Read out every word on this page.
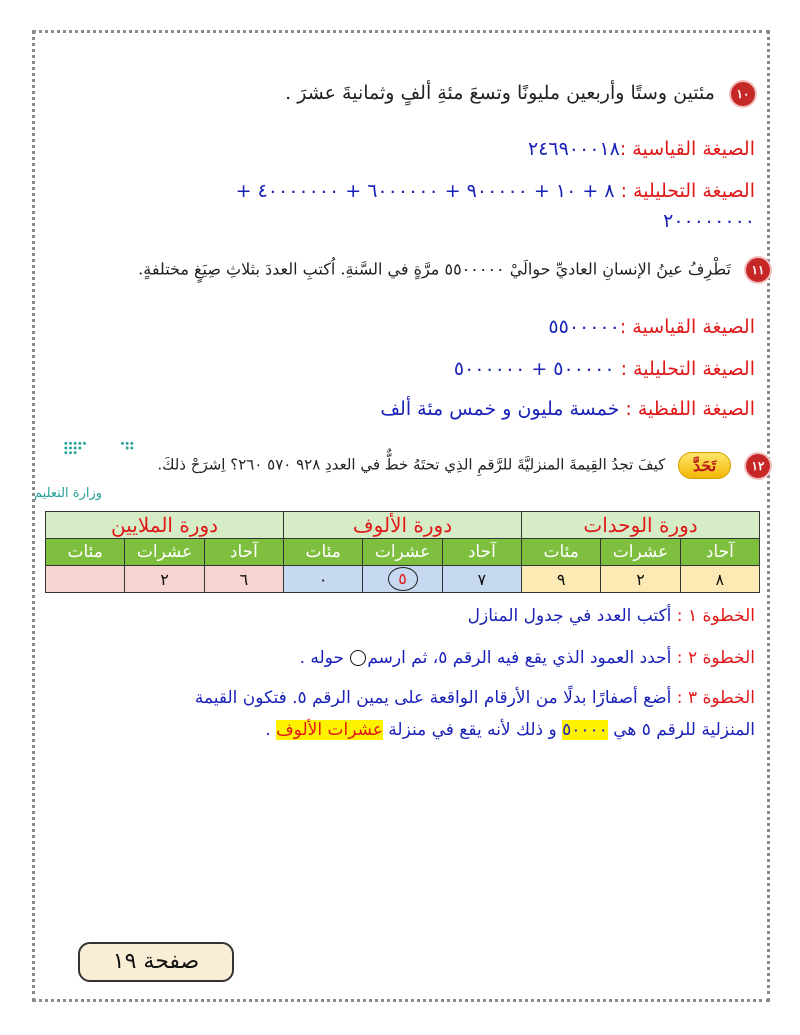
١٠ مئتين وستًا وأربعين مليونًا وتسعَ مئةِ ألفٍ وثمانيةَ عشرَ .
الصيغة القياسية :٢٤٦٩٠٠٠١٨
الصيغة التحليلية : ٨ + ١٠ + ٩٠٠٠٠٠ + ٦٠٠٠٠٠٠ + ٤٠٠٠٠٠٠٠ +
٢٠٠٠٠٠٠٠٠
١١ تَطْرِفُ عينُ الإنسانِ العاديِّ حوالَيْ ٥٥٠٠٠٠٠ مرَّةٍ في السَّنةِ. اُكتبِ العددَ بثلاثِ صِيَغٍ مختلفةٍ.
الصيغة القياسية :٥٥٠٠٠٠٠
الصيغة التحليلية : ٥٠٠٠٠٠ + ٥٠٠٠٠٠٠
الصيغة اللفظية : خمسة مليون و خمس مئة ألف
١٢ تَحَدَّ كيفَ تجدُ القِيمةَ المنزليَّةَ للرَّقمِ الذِي تحتَهُ خطٌّ في العددِ ٩٢٨ ٥٧٠ ٢٦٠؟ اِشرَحْ ذلكَ.
وزارة التعليم
دورة الوحدات			دورة الألوف			دورة الملايين		
آحاد	عشرات	مئات	آحاد	عشرات	مئات	آحاد	عشرات	مئات
٨	٢	٩	٧	٥	٠	٦	٢	
الخطوة ١ : أكتب العدد في جدول المنازل
الخطوة ٢ : أحدد العمود الذي يقع فيه الرقم ٥، ثم ارسم حوله .
الخطوة ٣ : أضع أصفارًا بدلًا من الأرقام الواقعة على يمين الرقم ٥. فتكون القيمة
المنزلية للرقم ٥ هي ٥٠٠٠٠ و ذلك لأنه يقع في منزلة عشرات الألوف .
صفحة ١٩
